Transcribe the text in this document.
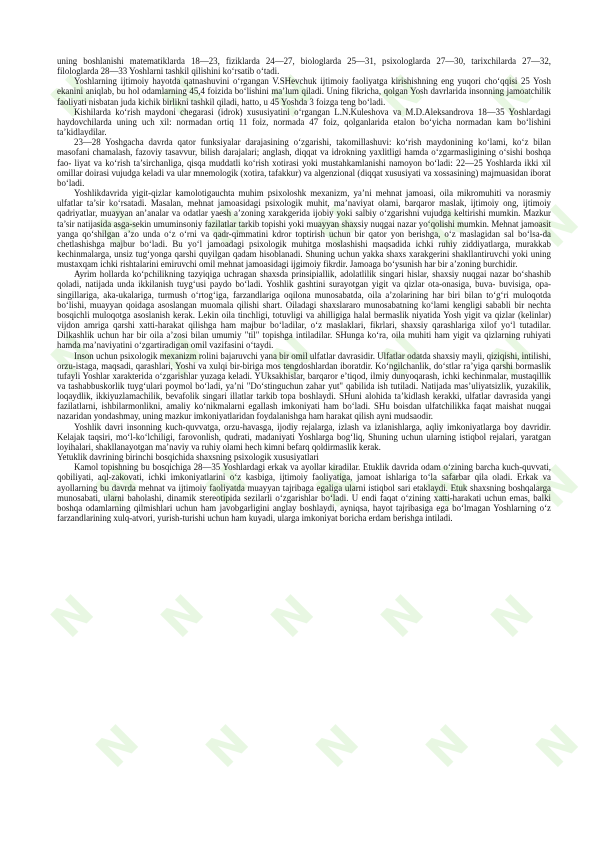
N N N N N
N N N N N
N N N N N
N N N N N
N N N N N
N N N N N

uning boshlanishi matematiklarda 18—23, fiziklarda 24—27, biologlarda 25—31, psixologlarda 27—30, tarixchilarda 27—32, filologlarda 28—33 Yoshlarni tashkil qilishini ko‘rsatib o‘tadi.

Yoshlarning ijtimoiy hayotda qatnashuvini o‘rgangan V.SHevchuk ijtimoiy faoliyatga kirishishning eng yuqori cho‘qqisi 25 Yosh ekanini aniqlab, bu hol odamlarning 45,4 foizida bo‘lishini ma’lum qiladi. Uning fikricha, qolgan Yosh davrlarida insonning jamoatchilik faoliyati nisbatan juda kichik birlikni tashkil qiladi, hatto, u 45 Yoshda 3 foizga teng bo‘ladi.

Kishilarda ko‘rish maydoni chegarasi (idrok) xususiyatini o‘rgangan L.N.Kuleshova va M.D.Aleksandrova 18—35 Yoshlardagi haydovchilarda uning uch xil: normadan ortiq 11 foiz, normada 47 foiz, qolganlarida etalon bo‘yicha normadan kam bo‘lishini ta’kidlaydilar.

23—28 Yoshgacha davrda qator funksiyalar darajasining o‘zgarishi, takomillashuvi: ko‘rish maydonining ko‘lami, ko‘z bilan masofani chamalash, fazoviy tasavvur, bilish darajalari; anglash, diqqat va idrokning yaxlitligi hamda o‘zgarmasligining o‘sishi boshqa fao- liyat va ko‘rish ta’sirchanliga, qisqa muddatli ko‘rish xotirasi yoki mustahkamlanishi namoyon bo‘ladi: 22—25 Yoshlarda ikki xil omillar doirasi vujudga keladi va ular mnemologik (xotira, tafakkur) va algenzional (diqqat xususiyati va xossasining) majmuasidan iborat bo‘ladi.

Yoshlikdavrida yigit-qizlar kamolotigauchta muhim psixoloshk mexanizm, ya’ni mehnat jamoasi, oila mikromuhiti va norasmiy ulfatlar ta’sir ko‘rsatadi. Masalan, mehnat jamoasidagi psixologik muhit, ma’naviyat olami, barqaror maslak, ijtimoiy ong, ijtimoiy qadriyatlar, muayyan an’analar va odatlar yaesh a’zoning xarakgerida ijobiy yoki salbiy o‘zgarishni vujudga keltirishi mumkin. Mazkur ta’sir natijasida asga-sekin umuminsoniy fazilatlar tarkib topishi yoki muayyan shaxsiy nuqgai nazar yo‘qolishi mumkin. Mehnat jamoasit yanga qo‘shilgan a’zo unda o‘z o‘rni va qadr-qimmatini kdror toptirish uchun bir qator yon berishga, o‘z maslagidan sal bo‘lsa-da chetlashishga majbur bo‘ladi. Bu yo‘l jamoadagi psixologik muhitga moslashishi maqsadida ichki ruhiy ziddiyatlarga, murakkab kechinmalarga, unsiz tug‘yonga qarshi quyilgan qadam hisoblanadi. Shuning uchun yakka shaxs xarakgerini shakllantiruvchi yoki uning mustaxqam ichki rishtalarini emiruvchi omil mehnat jamoasidagi ijgimoiy fikrdir. Jamoaga bo‘ysunish har bir a’zoning burchidir.

Ayrim hollarda ko‘pchilikning tazyiqiga uchragan shaxsda prinsipiallik, adolatlilik singari hislar, shaxsiy nuqgai nazar bo‘shashib qoladi, natijada unda ikkilanish tuyg‘usi paydo bo‘ladi. Yoshlik gashtini surayotgan yigit va qizlar ota-onasiga, buva- buvisiga, opa-singillariga, aka-ukalariga, turmush o‘rtog‘iga, farzandlariga oqilona munosabatda, oila a’zolarining har biri bilan to‘g‘ri muloqotda bo‘lishi, muayyan qoidaga asoslangan muomala qilishi shart. Oiladagi shaxslararo munosabatning ko‘lami kengligi sababli bir nechta bosqichli muloqotga asoslanish kerak. Lekin oila tinchligi, totuvligi va ahilligiga halal bermaslik niyatida Yosh yigit va qizlar (kelinlar) vijdon amriga qarshi xatti-harakat qilishga ham majbur bo‘ladilar, o‘z maslaklari, fikrlari, shaxsiy qarashlariga xilof yo‘l tutadilar. Dilkashlik uchun har bir oila a’zosi bilan umumiy "til" topishga intiladilar. SHunga ko‘ra, oila muhiti ham yigit va qizlarning ruhiyati hamda ma’naviyatini o‘zgartiradigan omil vazifasini o‘taydi.

Inson uchun psixologik mexanizm rolini bajaruvchi yana bir omil ulfatlar davrasidir. Ulfatlar odatda shaxsiy mayli, qiziqishi, intilishi, orzu-istaga, maqsadi, qarashlari, Yoshi va xulqi bir-biriga mos tengdoshlardan iboratdir. Ko‘ngilchanlik, do‘stlar ra’yiga qarshi bormaslik tufayli Yoshlar xarakterida o‘zgarishlar yuzaga keladi. YUksakhislar, barqaror e’tiqod, ilmiy dunyoqarash, ichki kechinmalar, mustaqillik va tashabbuskorlik tuyg‘ulari poymol bo‘ladi, ya’ni "Do‘stinguchun zahar yut" qabilida ish tutiladi. Natijada mas’uliyatsizlik, yuzakilik, loqaydlik, ikkiyuzlamachilik, bevafolik singari illatlar tarkib topa boshlaydi. SHuni alohida ta’kidlash kerakki, ulfatlar davrasida yangi fazilatlarni, ishbilarmonlikni, amaliy ko‘nikmalarni egallash imkoniyati ham bo‘ladi. SHu boisdan ulfatchilikka faqat maishat nuqgai nazaridan yondashmay, uning mazkur imkoniyatlaridan foydalanishga ham harakat qilish ayni mudsaodir.

Yoshlik davri insonning kuch-quvvatga, orzu-havasga, ijodiy rejalarga, izlash va izlanishlarga, aqliy imkoniyatlarga boy davridir. Kelajak taqsiri, mo‘l-ko‘lchiligi, farovonlish, qudrati, madaniyati Yoshlarga bog‘liq, Shuning uchun ularning istiqbol rejalari, yaratgan loyihalari, shakllanayotgan ma’naviy va ruhiy olami hech kimni befarq qoldirmaslik kerak.

Yetuklik davrining birinchi bosqichida shaxsning psixologik xususiyatlari

Kamol topishning bu bosqichiga 28—35 Yoshlardagi erkak va ayollar kiradilar. Etuklik davrida odam o‘zining barcha kuch-quvvati, qobiliyati, aql-zakovati, ichki imkoniyatlarini o‘z kasbiga, ijtimoiy faoliyatiga, jamoat ishlariga to‘la safarbar qila oladi. Erkak va ayollarning bu davrda mehnat va ijtimoiy faoliyatda muayyan tajribaga egaliga ularni istiqbol sari etaklaydi. Etuk shaxsning boshqalarga munosabati, ularni baholashi, dinamik stereotipida sezilarli o‘zgarishlar bo‘ladi. U endi faqat o‘zining xatti-harakati uchun emas, balki boshqa odamlarning qilmishlari uchun ham javobgarligini anglay boshlaydi, ayniqsa, hayot tajribasiga ega bo‘lmagan Yoshlarning o‘z farzandlarining xulq-atvori, yurish-turishi uchun ham kuyadi, ularga imkoniyat boricha erdam berishga intiladi.
